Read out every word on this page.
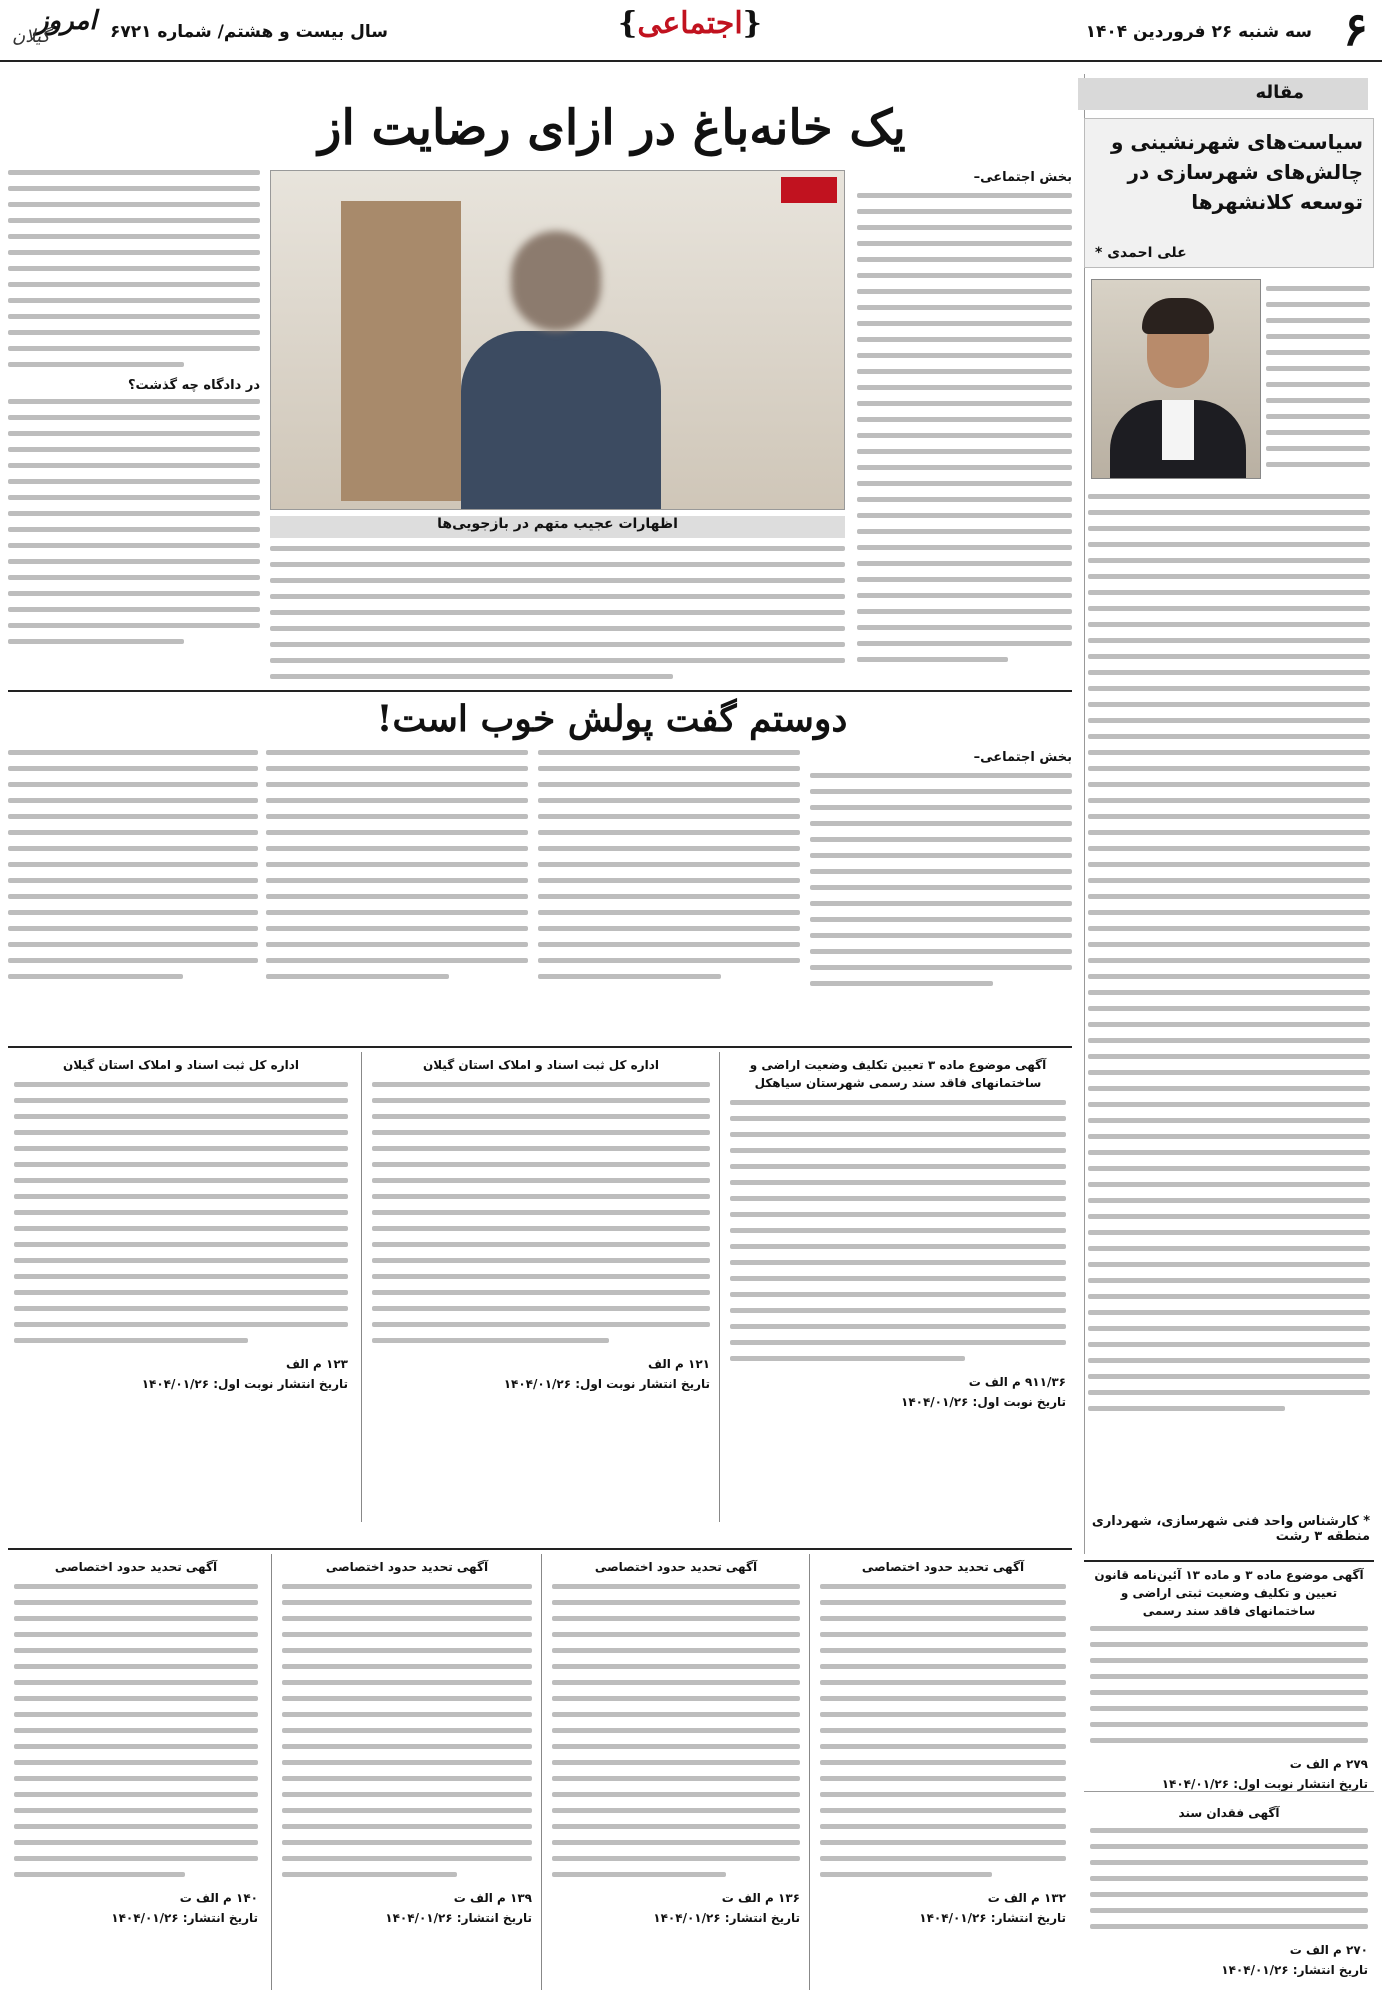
۶
سه شنبه ۲۶ فروردین ۱۴۰۴
{اجتماعی}
سال بیست و هشتم/ شماره ۶۷۲۱
امروز
گیلان
مقاله
سیاست‌های شهرنشینی و چالش‌های شهرسازی در توسعه کلانشهرها
علی احمدی *
* کارشناس واحد فنی شهرسازی، شهرداری منطقه ۳ رشت
آگهی موضوع ماده ۳ و ماده ۱۳ آئین‌نامه قانون تعیین و تکلیف وضعیت ثبتی اراضی و ساختمانهای فاقد سند رسمی
۲۷۹ م الف ت
تاریخ انتشار نوبت اول: ۱۴۰۴/۰۱/۲۶
آگهی فقدان سند
۲۷۰ م الف ت
تاریخ انتشار: ۱۴۰۴/۰۱/۲۶
یک خانه‌باغ در ازای رضایت از
بخش اجتماعی–
اظهارات عجیب متهم در بازجویی‌ها
در دادگاه چه گذشت؟
دوستم گفت پولش خوب است!
بخش اجتماعی–
آگهی موضوع ماده ۳ تعیین تکلیف وضعیت اراضی و ساختمانهای فاقد سند رسمی شهرستان سیاهکل
۹۱۱/۳۶ م الف ت
تاریخ نوبت اول: ۱۴۰۴/۰۱/۲۶
اداره کل ثبت اسناد و املاک استان گیلان
۱۲۱ م الف
تاریخ انتشار نوبت اول: ۱۴۰۴/۰۱/۲۶
اداره کل ثبت اسناد و املاک استان گیلان
۱۲۳ م الف
تاریخ انتشار نوبت اول: ۱۴۰۴/۰۱/۲۶
آگهی تحدید حدود اختصاصی
۱۳۲ م الف ت
تاریخ انتشار: ۱۴۰۴/۰۱/۲۶
آگهی تحدید حدود اختصاصی
۱۳۶ م الف ت
تاریخ انتشار: ۱۴۰۴/۰۱/۲۶
آگهی تحدید حدود اختصاصی
۱۳۹ م الف ت
تاریخ انتشار: ۱۴۰۴/۰۱/۲۶
آگهی تحدید حدود اختصاصی
۱۴۰ م الف ت
تاریخ انتشار: ۱۴۰۴/۰۱/۲۶
